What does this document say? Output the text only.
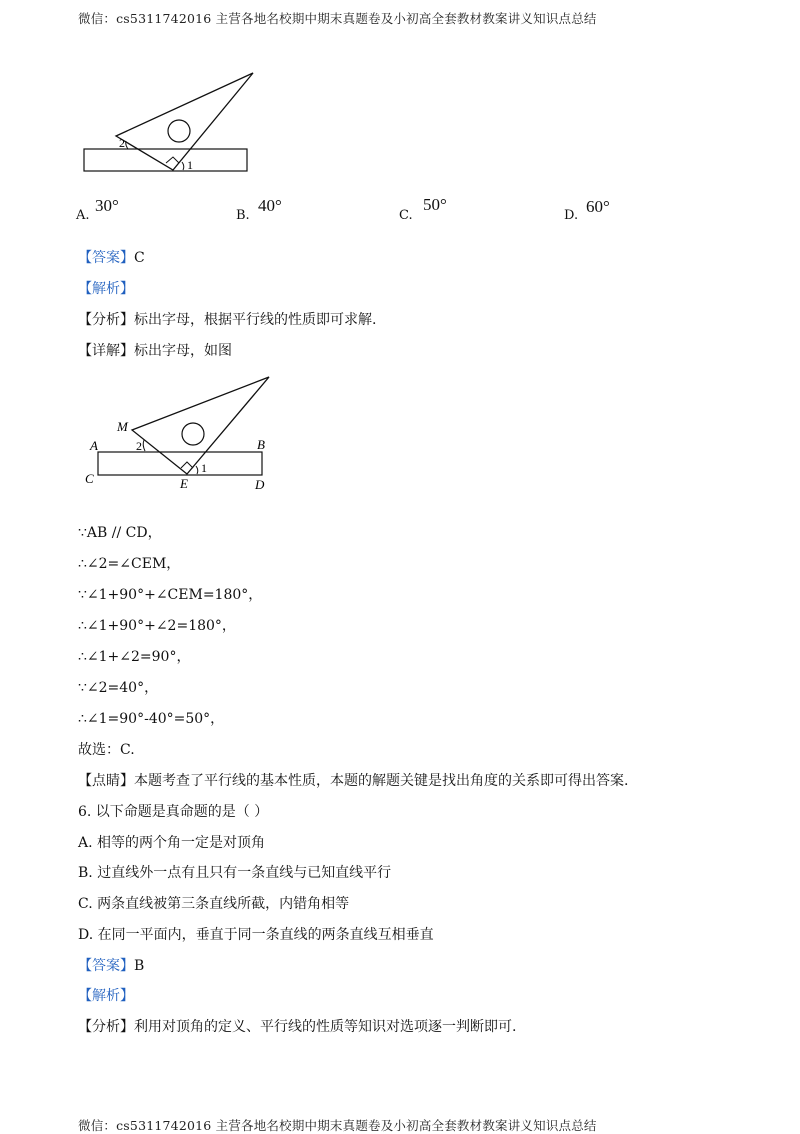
微信：cs5311742016 主营各地名校期中期末真题卷及小初高全套教材教案讲义知识点总结
2
1
A.
30°
B.
40°
C.
50°
D. 60°
【答案】C
【解析】
【分析】标出字母，根据平行线的性质即可求解.
【详解】标出字母，如图
M
A	B
C	D
E
2
1
∵AB // CD，
∴∠2=∠CEM，
∵∠1+90°+∠CEM=180°，
∴∠1+90°+∠2=180°，
∴∠1+∠2=90°，
∵∠2=40°，
∴∠1=90°-40°=50°，
故选：C.
【点睛】本题考查了平行线的基本性质，本题的解题关键是找出角度的关系即可得出答案.
6. 以下命题是真命题的是（ ）
A. 相等的两个角一定是对顶角
B. 过直线外一点有且只有一条直线与已知直线平行
C. 两条直线被第三条直线所截，内错角相等
D. 在同一平面内，垂直于同一条直线的两条直线互相垂直
【答案】B
【解析】
【分析】利用对顶角的定义、平行线的性质等知识对选项逐一判断即可.
微信：cs5311742016 主营各地名校期中期末真题卷及小初高全套教材教案讲义知识点总结
